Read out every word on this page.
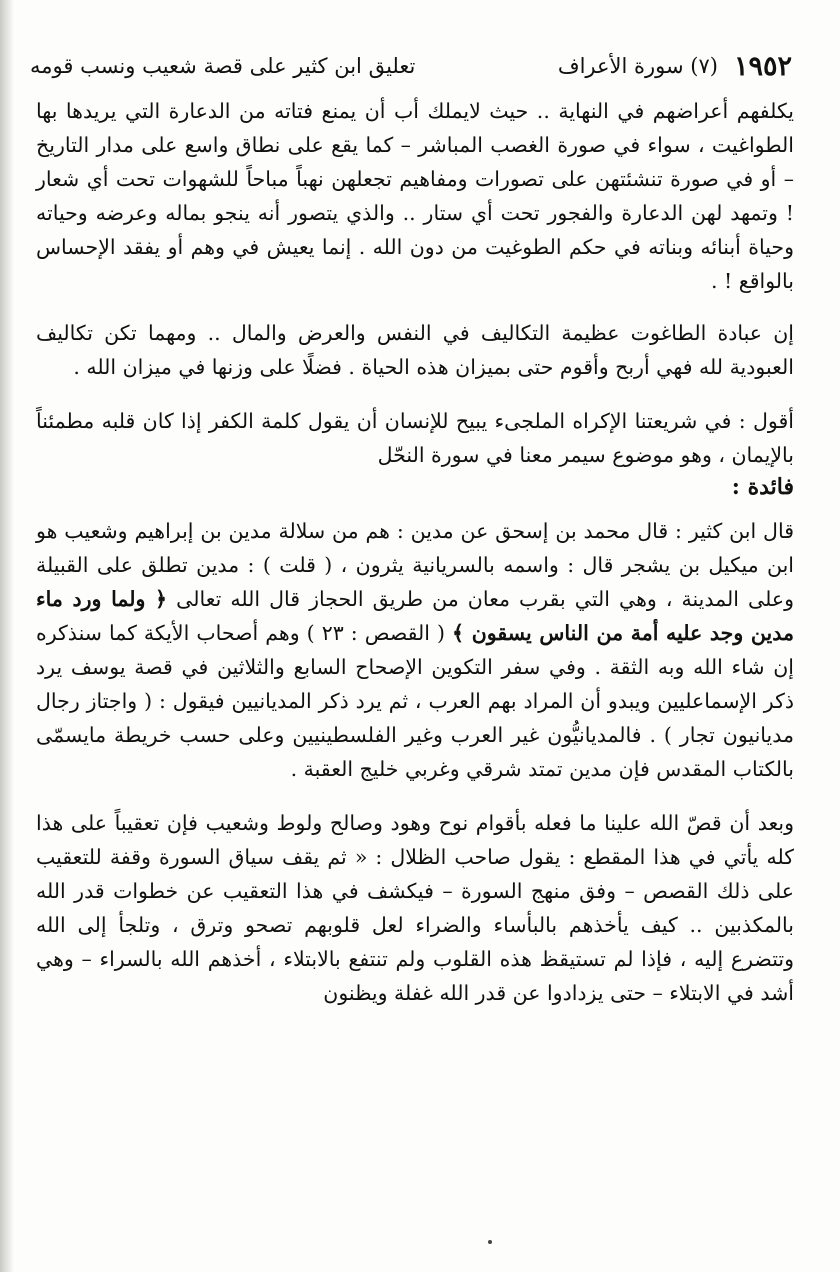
١٩٥٢
(٧) سورة الأعراف
تعليق ابن كثير على قصة شعيب ونسب قومه

يكلفهم أعراضهم في النهاية .. حيث لايملك أب أن يمنع فتاته من الدعارة التي يريدها بها الطواغيت ، سواء في صورة الغصب المباشر – كما يقع على نطاق واسع على مدار التاريخ – أو في صورة تنشئتهن على تصورات ومفاهيم تجعلهن نهباً مباحاً للشهوات تحت أي شعار ! وتمهد لهن الدعارة والفجور تحت أي ستار .. والذي يتصور أنه ينجو بماله وعرضه وحياته وحياة أبنائه وبناته في حكم الطوغيت من دون الله . إنما يعيش في وهم أو يفقد الإحساس بالواقع ! .

إن عبادة الطاغوت عظيمة التكاليف في النفس والعرض والمال .. ومهما تكن تكاليف العبودية لله فهي أربح وأقوم حتى بميزان هذه الحياة . فضلًا على وزنها في ميزان الله .

أقول : في شريعتنا الإكراه الملجىء يبيح للإنسان أن يقول كلمة الكفر إذا كان قلبه مطمئناً بالإيمان ، وهو موضوع سيمر معنا في سورة النحّل

فائدة :

قال ابن كثير : قال محمد بن إسحق عن مدين : هم من سلالة مدين بن إبراهيم وشعيب هو ابن ميكيل بن يشجر قال : واسمه بالسريانية يثرون ، ( قلت ) : مدين تطلق على القبيلة وعلى المدينة ، وهي التي بقرب معان من طريق الحجاز قال الله تعالى ﴿ ولما ورد ماء مدين وجد عليه أمة من الناس يسقون ﴾ ( القصص : ٢٣ ) وهم أصحاب الأيكة كما سنذكره إن شاء الله وبه الثقة . وفي سفر التكوين الإصحاح السابع والثلاثين في قصة يوسف يرد ذكر الإسماعليين ويبدو أن المراد بهم العرب ، ثم يرد ذكر المديانيين فيقول : ( واجتاز رجال مديانيون تجار ) . فالمديانيُّون غير العرب وغير الفلسطينيين وعلى حسب خريطة مايسمّى بالكتاب المقدس فإن مدين تمتد شرقي وغربي خليج العقبة .

وبعد أن قصّ الله علينا ما فعله بأقوام نوح وهود وصالح ولوط وشعيب فإن تعقيباً على هذا كله يأتي في هذا المقطع : يقول صاحب الظلال : « ثم يقف سياق السورة وقفة للتعقيب على ذلك القصص – وفق منهج السورة – فيكشف في هذا التعقيب عن خطوات قدر الله بالمكذبين .. كيف يأخذهم بالبأساء والضراء لعل قلوبهم تصحو وترق ، وتلجأ إلى الله وتتضرع إليه ، فإذا لم تستيقظ هذه القلوب ولم تنتفع بالابتلاء ، أخذهم الله بالسراء – وهي أشد في الابتلاء – حتى يزدادوا عن قدر الله غفلة ويظنون
